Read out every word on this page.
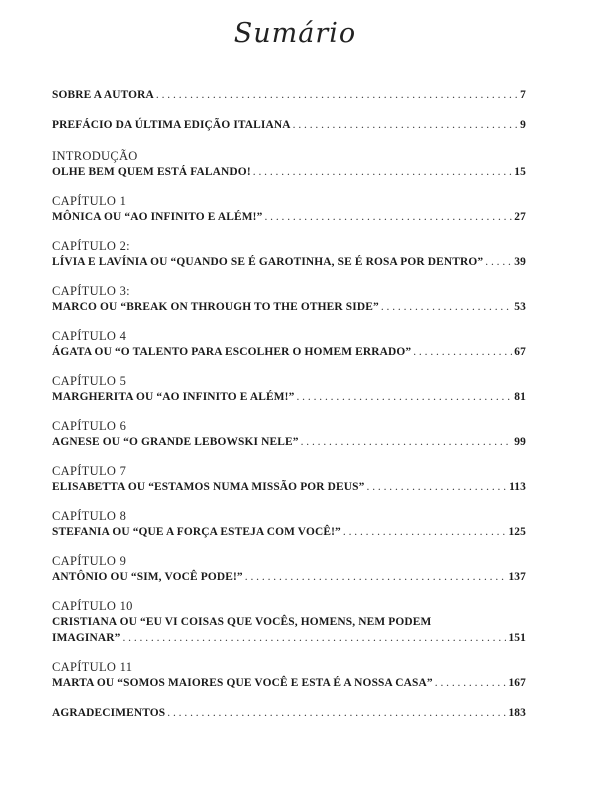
Sumário
SOBRE A AUTORA . . .	7
PREFÁCIO DA ÚLTIMA EDIÇÃO ITALIANA . . .	9
INTRODUÇÃO
OLHE BEM QUEM ESTÁ FALANDO! . . .	15
CAPÍTULO 1
MÔNICA OU “AO INFINITO E ALÉM!” . . .	27
CAPÍTULO 2:
LÍVIA E LAVÍNIA OU “QUANDO SE É GAROTINHA, SE É ROSA POR DENTRO” . . .	39
CAPÍTULO 3:
MARCO OU “BREAK ON THROUGH TO THE OTHER SIDE” . . .	53
CAPÍTULO 4
ÁGATA OU “O TALENTO PARA ESCOLHER O HOMEM ERRADO” . . .	67
CAPÍTULO 5
MARGHERITA OU “AO INFINITO E ALÉM!” . . .	81
CAPÍTULO 6
AGNESE OU “O GRANDE LEBOWSKI NELE” . . .	99
CAPÍTULO 7
ELISABETTA OU “ESTAMOS NUMA MISSÃO POR DEUS” . . .	113
CAPÍTULO 8
STEFANIA OU “QUE A FORÇA ESTEJA COM VOCÊ!” . . .	125
CAPÍTULO 9
ANTÔNIO OU “SIM, VOCÊ PODE!” . . .	137
CAPÍTULO 10
CRISTIANA OU “EU VI COISAS QUE VOCÊS, HOMENS, NEM PODEM
IMAGINAR” . . .	151
CAPÍTULO 11
MARTA OU “SOMOS MAIORES QUE VOCÊ E ESTA É A NOSSA CASA” . . .	167
AGRADECIMENTOS . . .	183
